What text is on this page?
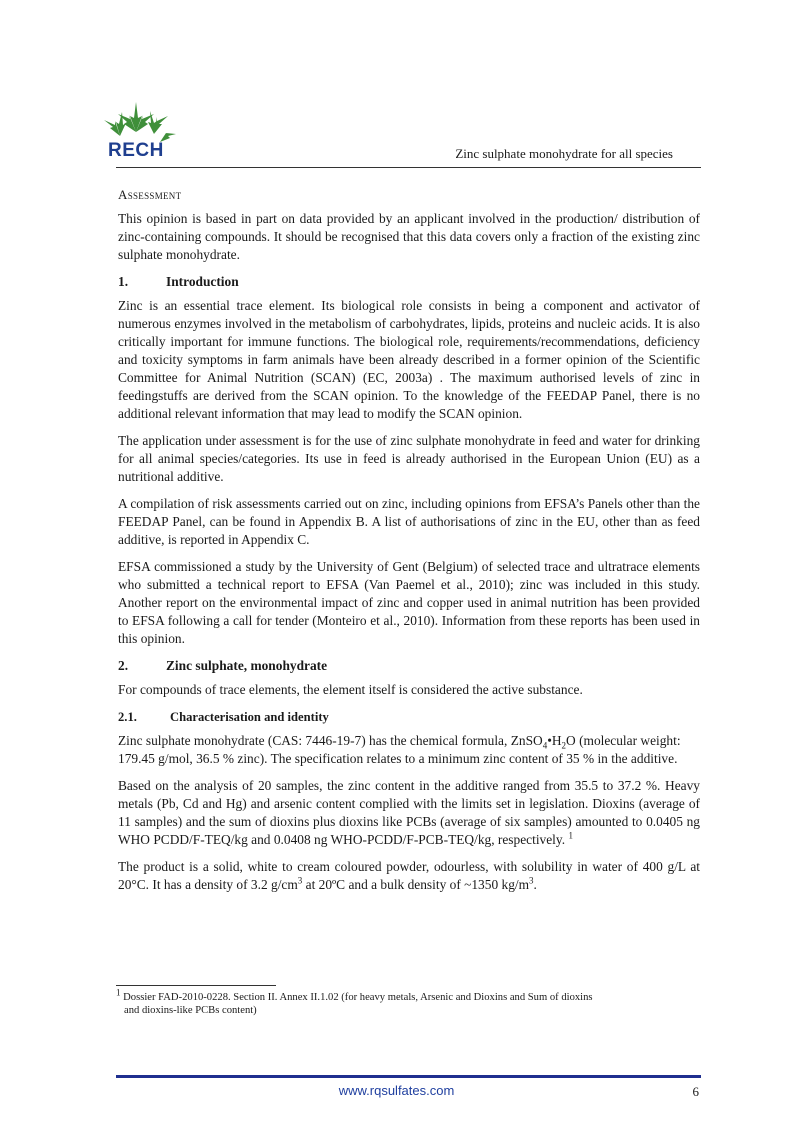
RECH	Zinc sulphate monohydrate for all species
Assessment

This opinion is based in part on data provided by an applicant involved in the production/ distribution of zinc-containing compounds. It should be recognised that this data covers only a fraction of the existing zinc sulphate monohydrate.

1.	Introduction

Zinc is an essential trace element. Its biological role consists in being a component and activator of numerous enzymes involved in the metabolism of carbohydrates, lipids, proteins and nucleic acids. It is also critically important for immune functions. The biological role, requirements/recommendations, deficiency and toxicity symptoms in farm animals have been already described in a former opinion of the Scientific Committee for Animal Nutrition (SCAN) (EC, 2003a) . The maximum authorised levels of zinc in feedingstuffs are derived from the SCAN opinion. To the knowledge of the FEEDAP Panel, there is no additional relevant information that may lead to modify the SCAN opinion.

The application under assessment is for the use of zinc sulphate monohydrate in feed and water for drinking for all animal species/categories. Its use in feed is already authorised in the European Union (EU) as a nutritional additive.

A compilation of risk assessments carried out on zinc, including opinions from EFSA’s Panels other than the FEEDAP Panel, can be found in Appendix B. A list of authorisations of zinc in the EU, other than as feed additive, is reported in Appendix C.

EFSA commissioned a study by the University of Gent (Belgium) of selected trace and ultratrace elements who submitted a technical report to EFSA (Van Paemel et al., 2010); zinc was included in this study. Another report on the environmental impact of zinc and copper used in animal nutrition has been provided to EFSA following a call for tender (Monteiro et al., 2010). Information from these reports has been used in this opinion.

2.	Zinc sulphate, monohydrate

For compounds of trace elements, the element itself is considered the active substance.

2.1.	Characterisation and identity

Zinc sulphate monohydrate (CAS: 7446-19-7) has the chemical formula, $ZnSO_4•H_2O$ (molecular weight: 179.45 g/mol, 36.5 % zinc). The specification relates to a minimum zinc content of 35 % in the additive.

Based on the analysis of 20 samples, the zinc content in the additive ranged from 35.5 to 37.2 %. Heavy metals (Pb, Cd and Hg) and arsenic content complied with the limits set in legislation. Dioxins (average of 11 samples) and the sum of dioxins plus dioxins like PCBs (average of six samples) amounted to 0.0405 ng WHO PCDD/F-TEQ/kg and 0.0408 ng WHO-PCDD/F-PCB-TEQ/kg, respectively. $^1$

The product is a solid, white to cream coloured powder, odourless, with solubility in water of 400 g/L at 20°C. It has a density of 3.2 $g/cm^3$ at 20ºC and a bulk density of ~1350 $kg/m^3$.

$^1$ Dossier FAD-2010-0228. Section II. Annex II.1.02 (for heavy metals, Arsenic and Dioxins and Sum of dioxins
and dioxins-like PCBs content)
www.rqsulfates.com	6
